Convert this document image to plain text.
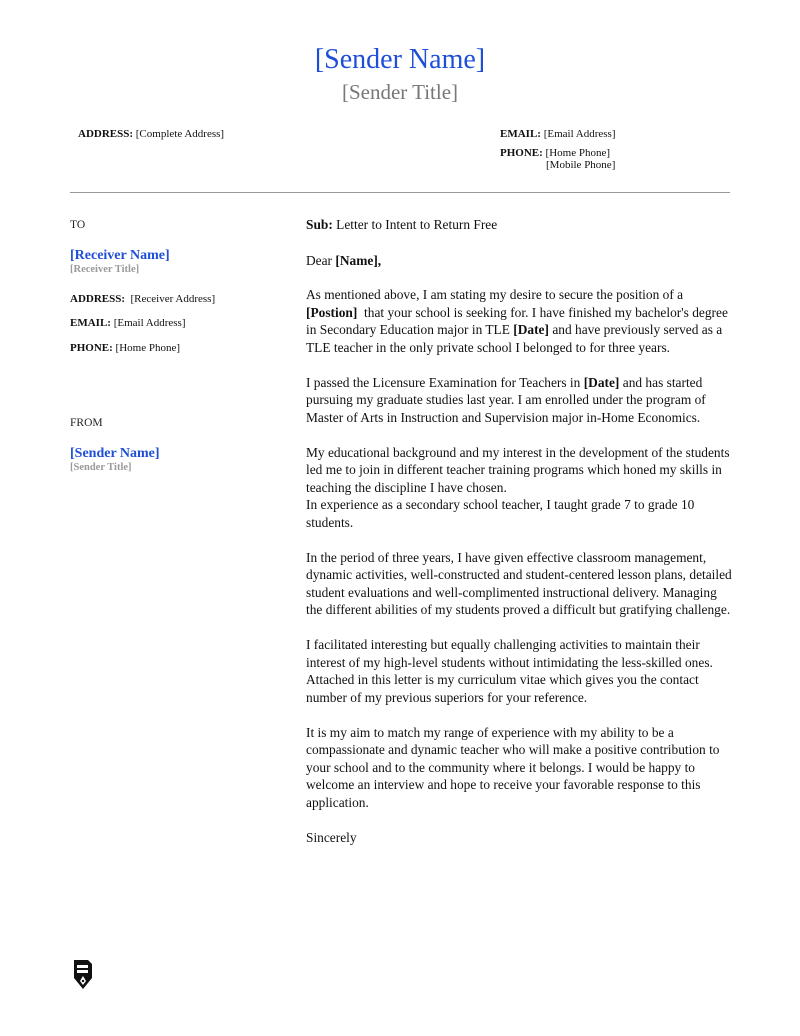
[Sender Name]
[Sender Title]
ADDRESS: [Complete Address]	EMAIL: [Email Address]
PHONE: [Home Phone]
[Mobile Phone]
TO
[Receiver Name]
[Receiver Title]
ADDRESS: [Receiver Address]
EMAIL: [Email Address]
PHONE: [Home Phone]
FROM
[Sender Name]
[Sender Title]
Sub: Letter to Intent to Return Free
Dear [Name],

As mentioned above, I am stating my desire to secure the position of a [Postion] that your school is seeking for. I have finished my bachelor's degree in Secondary Education major in TLE [Date] and have previously served as a TLE teacher in the only private school I belonged to for three years.

I passed the Licensure Examination for Teachers in [Date] and has started pursuing my graduate studies last year. I am enrolled under the program of Master of Arts in Instruction and Supervision major in-Home Economics.

My educational background and my interest in the development of the students led me to join in different teacher training programs which honed my skills in teaching the discipline I have chosen.
In experience as a secondary school teacher, I taught grade 7 to grade 10 students.

In the period of three years, I have given effective classroom management, dynamic activities, well-constructed and student-centered lesson plans, detailed student evaluations and well-complimented instructional delivery. Managing the different abilities of my students proved a difficult but gratifying challenge.

I facilitated interesting but equally challenging activities to maintain their interest of my high-level students without intimidating the less-skilled ones. Attached in this letter is my curriculum vitae which gives you the contact number of my previous superiors for your reference.

It is my aim to match my range of experience with my ability to be a compassionate and dynamic teacher who will make a positive contribution to your school and to the community where it belongs. I would be happy to welcome an interview and hope to receive your favorable response to this application.

Sincerely
